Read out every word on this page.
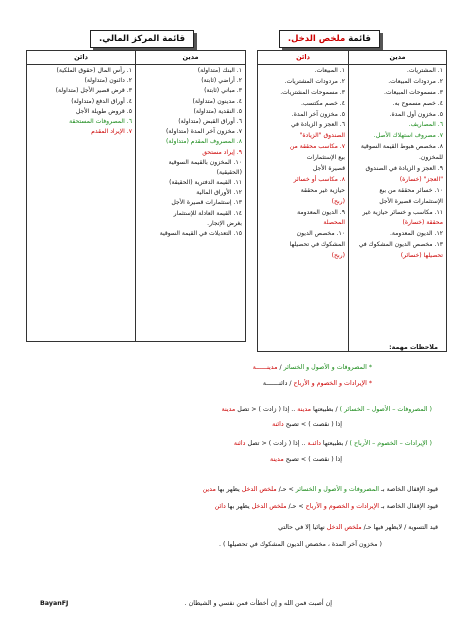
قائمة ملخص الدخل.
قائمة المركز المالي.
مدين
١. المشتريات.
٢. مردودات المبيعات.
٣. مسموحات المبيعات.
٤. خصم مسموح به.
٥. مخزون أول المدة.
٦. المصاريف.
٧. مصروف استهلاك الأصل.
٨. مخصص هبوط القيمة السوقية
للمخزون.
٩. العجز و الزيادة في الصندوق
"العجز" (خسارة)
١٠. خسائر محققة من بيع
الإستثمارات قصيرة الأجل
١١. مكاسب و خسائر حيازية غير
محققة (خسارة)
١٢. الديون المعدومة.
١٣. مخصص الديون المشكوك في
تحصيلها (خسائر)
دائن
١. المبيعات.
٢. مردودات المشتريات.
٣. مسموحات المشتريات.
٤. خصم مكتسب.
٥. مخزون آخر المدة.
٦. العجز و الزيادة في
الصندوق "الزيادة"
٧. مكاسب محققة من
بيع الإستثمارات
قصيرة الأجل
٨. مكاسب أو خسائر
حيازية غير محققة
(ربح)
٩. الديون المعدومة
المحصلة
١٠. مخصص الديون
المشكوك في تحصيلها
(ربح)
مدين
١. البنك (متداولة)
٢. أراضي (ثابتة)
٣. مباني (ثابتة)
٤. مدينون (متداولة)
٥. النقدية (متداولة)
٦. أوراق القبض (متداولة)
٧. مخزون آخر المدة (متداولة)
٨. المصروف المقدم (متداولة)
٩. إيراد مستحق
١٠. المخزون بالقيمة السوقية
(الحقيقية)
١١. القيمة الدفترية (الحقيقة)
١٢. الأوراق المالية
١٣. إستثمارات قصيرة الأجل
١٤. القيمة العادلة للإستثمار
بغرض الإتجار.
١٥. التعديلات في القيمة السوقية
دائن
١. رأس المال (حقوق الملكية)
٢. دائنون (متداولة)
٣. قرض قصير الأجل (متداولة)
٤. أوراق الدفع (متداولة)
٥. قروض طويلة الأجل
٦. المصروفات المستحقة
٧. الإيراد المقدم
ملاحظات مهمة:
* المصروفات و الأصول و الخسائر / مدينــــــة
* الإيرادات و الخصوم و الأرباح / دائنـــــــة
( المصروفات – الأصول – الخسائر ) / بطبيعتها مدينة .. إذا ( زادت ) < تصل مدينة
إذا ( نقصت ) > تصبح دائنة
( الإيرادات – الخصوم – الأرباح ) / بطبيعتها دائنـة .. إذا ( زادت ) < تصل دائنة
إذا ( نقصت ) > تصبح مدينة
قيود الإقفال الخاصة بـ المصروفات و الأصول و الخسائر > حـ/ ملخص الدخل يظهر بها مدين
قيود الإقفال الخاصة بـ الإيرادات و الخصوم و الأرباح > حـ/ ملخص الدخل يظهر بها دائن
قيد التسوية / لايظهر فيها حـ/ ملخص الدخل نهائيا إلا في حالتي
( مخزون آخر المدة ، مخصص الديون المشكوك في تحصيلها ) .
إن أصبت فمن الله و إن أخطأت فمن نفسي و الشيطان .
BayanFJ
